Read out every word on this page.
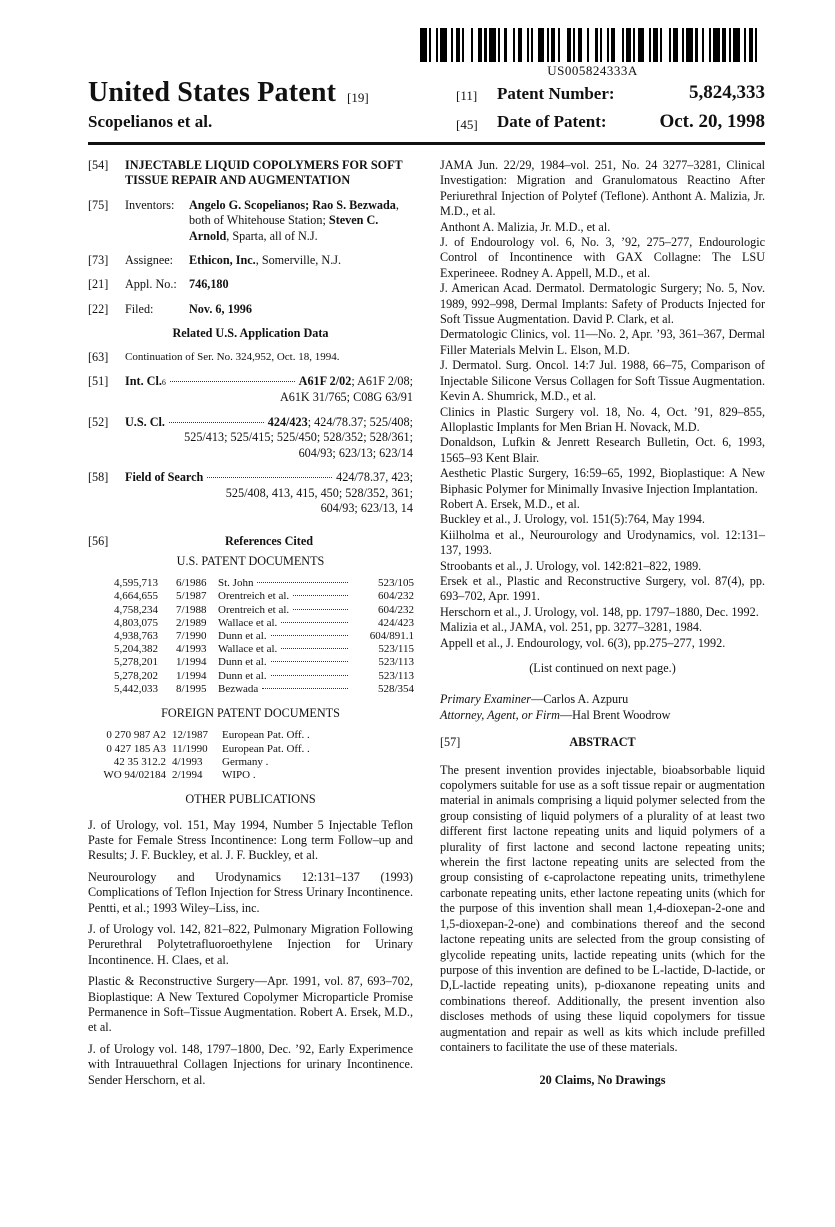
US005824333A
United States Patent [19]
Scopelianos et al.
[11] Patent Number:	5,824,333
[45] Date of Patent:	Oct. 20, 1998
[54]	INJECTABLE LIQUID COPOLYMERS FOR SOFT TISSUE REPAIR AND AUGMENTATION
[75]	Inventors:	Angelo G. Scopelianos; Rao S. Bezwada, both of Whitehouse Station; Steven C. Arnold, Sparta, all of N.J.
[73]	Assignee:	Ethicon, Inc., Somerville, N.J.
[21]	Appl. No.:	746,180
[22]	Filed:	Nov. 6, 1996
Related U.S. Application Data
[63]	Continuation of Ser. No. 324,952, Oct. 18, 1994.
[51]	Int. Cl. 6	A61F 2/02; A61F 2/08;
A61K 31/765; C08G 63/91
[52]	U.S. Cl.	424/423; 424/78.37; 525/408;
525/413; 525/415; 525/450; 528/352; 528/361;
604/93; 623/13; 623/14
[58]	Field of Search	424/78.37, 423;
525/408, 413, 415, 450; 528/352, 361;
604/93; 623/13, 14
[56]	References Cited
U.S. PATENT DOCUMENTS
4,595,713	6/1986	St. John	523/105
4,664,655	5/1987	Orentreich et al.	604/232
4,758,234	7/1988	Orentreich et al.	604/232
4,803,075	2/1989	Wallace et al.	424/423
4,938,763	7/1990	Dunn et al.	604/891.1
5,204,382	4/1993	Wallace et al.	523/115
5,278,201	1/1994	Dunn et al.	523/113
5,278,202	1/1994	Dunn et al.	523/113
5,442,033	8/1995	Bezwada	528/354
FOREIGN PATENT DOCUMENTS
0 270 987 A2	12/1987	European Pat. Off. .
0 427 185 A3	11/1990	European Pat. Off. .
42 35 312.2	4/1993	Germany .
WO 94/02184	2/1994	WIPO .
OTHER PUBLICATIONS

J. of Urology, vol. 151, May 1994, Number 5 Injectable Teflon Paste for Female Stress Incontinence: Long term Follow–up and Results; J. F. Buckley, et al. J. F. Buckley, et al.

Neurourology and Urodynamics 12:131–137 (1993) Complications of Teflon Injection for Stress Urinary Incontinence. Pentti, et al.; 1993 Wiley–Liss, inc.

J. of Urology vol. 142, 821–822, Pulmonary Migration Following Perurethral Polytetrafluoroethylene Injection for Urinary Incontinence. H. Claes, et al.

Plastic & Reconstructive Surgery—Apr. 1991, vol. 87, 693–702, Bioplastique: A New Textured Copolymer Microparticle Promise Permanence in Soft–Tissue Augmentation. Robert A. Ersek, M.D., et al.

J. of Urology vol. 148, 1797–1800, Dec. ’92, Early Experimence with Intrauuethral Collagen Injections for urinary Incontinence. Sender Herschorn, et al.

JAMA Jun. 22/29, 1984–vol. 251, No. 24 3277–3281, Clinical Investigation: Migration and Granulomatous Reactino After Periurethral Injection of Polytef (Teflone). Anthont A. Malizia, Jr. M.D., et al.

Anthont A. Malizia, Jr. M.D., et al.

J. of Endourology vol. 6, No. 3, ’92, 275–277, Endourologic Control of Incontinence with GAX Collagne: The LSU Experineee. Rodney A. Appell, M.D., et al.

J. American Acad. Dermatol. Dermatologic Surgery; No. 5, Nov. 1989, 992–998, Dermal Implants: Safety of Products Injected for Soft Tissue Augmentation. David P. Clark, et al.

Dermatologic Clinics, vol. 11—No. 2, Apr. ’93, 361–367, Dermal Filler Materials Melvin L. Elson, M.D.

J. Dermatol. Surg. Oncol. 14:7 Jul. 1988, 66–75, Comparison of Injectable Silicone Versus Collagen for Soft Tissue Augmentation. Kevin A. Shumrick, M.D., et al.

Clinics in Plastic Surgery vol. 18, No. 4, Oct. ’91, 829–855, Alloplastic Implants for Men Brian H. Novack, M.D.

Donaldson, Lufkin & Jenrett Research Bulletin, Oct. 6, 1993, 1565–93 Kent Blair.

Aesthetic Plastic Surgery, 16:59–65, 1992, Bioplastique: A New Biphasic Polymer for Minimally Invasive Injection Implantation.

Robert A. Ersek, M.D., et al.

Buckley et al., J. Urology, vol. 151(5):764, May 1994.

Kiilholma et al., Neurourology and Urodynamics, vol. 12:131–137, 1993.

Stroobants et al., J. Urology, vol. 142:821–822, 1989.

Ersek et al., Plastic and Reconstructive Surgery, vol. 87(4), pp. 693–702, Apr. 1991.

Herschorn et al., J. Urology, vol. 148, pp. 1797–1880, Dec. 1992.

Malizia et al., JAMA, vol. 251, pp. 3277–3281, 1984.

Appell et al., J. Endourology, vol. 6(3), pp.275–277, 1992.

(List continued on next page.)
Primary Examiner—Carlos A. Azpuru
Attorney, Agent, or Firm—Hal Brent Woodrow
[57]	ABSTRACT
The present invention provides injectable, bioabsorbable liquid copolymers suitable for use as a soft tissue repair or augmentation material in animals comprising a liquid polymer selected from the group consisting of liquid polymers of a plurality of at least two different first lactone repeating units and liquid polymers of a plurality of first lactone and second lactone repeating units; wherein the first lactone repeating units are selected from the group consisting of ϵ-caprolactone repeating units, trimethylene carbonate repeating units, ether lactone repeating units (which for the purpose of this invention shall mean 1,4-dioxepan-2-one and 1,5-dioxepan-2-one) and combinations thereof and the second lactone repeating units are selected from the group consisting of glycolide repeating units, lactide repeating units (which for the purpose of this invention are defined to be L-lactide, D-lactide, or D,L-lactide repeating units), p-dioxanone repeating units and combinations thereof. Additionally, the present invention also discloses methods of using these liquid copolymers for tissue augmentation and repair as well as kits which include prefilled containers to facilitate the use of these materials.
20 Claims, No Drawings
